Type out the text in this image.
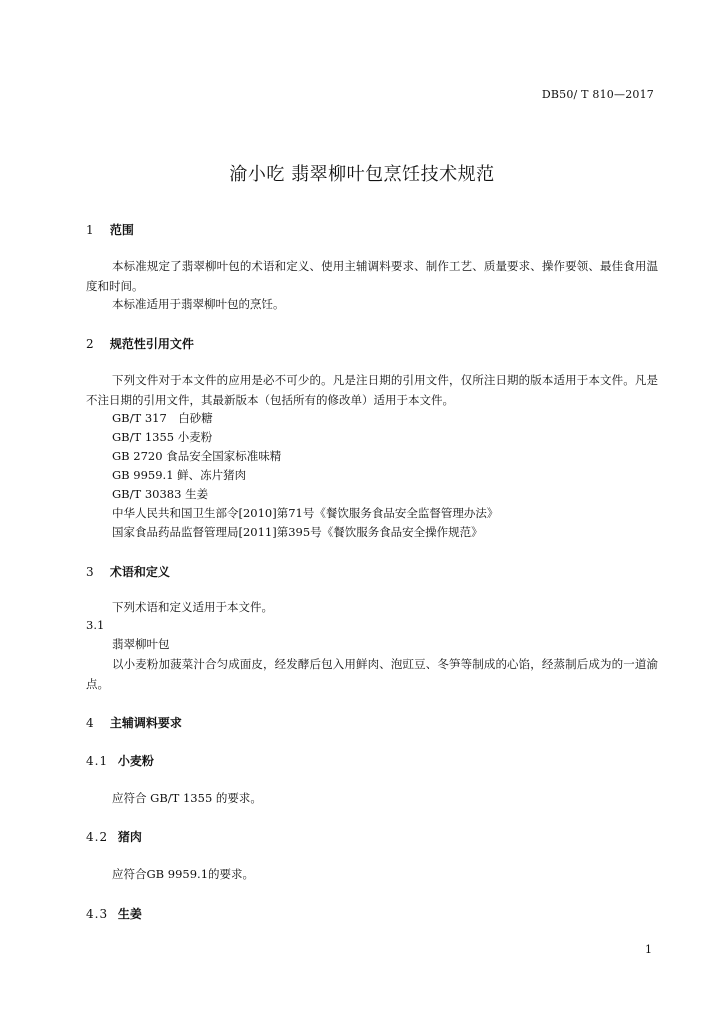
DB50/ T 810—2017
渝小吃 翡翠柳叶包烹饪技术规范
1 范围
本标准规定了翡翠柳叶包的术语和定义、使用主辅调料要求、制作工艺、质量要求、操作要领、最佳食用温度和时间。
本标准适用于翡翠柳叶包的烹饪。
2 规范性引用文件
下列文件对于本文件的应用是必不可少的。凡是注日期的引用文件，仅所注日期的版本适用于本文件。凡是不注日期的引用文件，其最新版本（包括所有的修改单）适用于本文件。
GB/T 317　白砂糖
GB/T 1355 小麦粉
GB 2720 食品安全国家标准味精
GB 9959.1 鲜、冻片猪肉
GB/T 30383 生姜
中华人民共和国卫生部令[2010]第71号《餐饮服务食品安全监督管理办法》
国家食品药品监督管理局[2011]第395号《餐饮服务食品安全操作规范》
3 术语和定义
下列术语和定义适用于本文件。
3.1
翡翠柳叶包
以小麦粉加菠菜汁合匀成面皮，经发酵后包入用鲜肉、泡豇豆、冬笋等制成的心馅，经蒸制后成为的一道渝点。
4 主辅调料要求
4.1 小麦粉
应符合 GB/T 1355 的要求。
4.2 猪肉
应符合GB 9959.1的要求。
4.3 生姜
1
